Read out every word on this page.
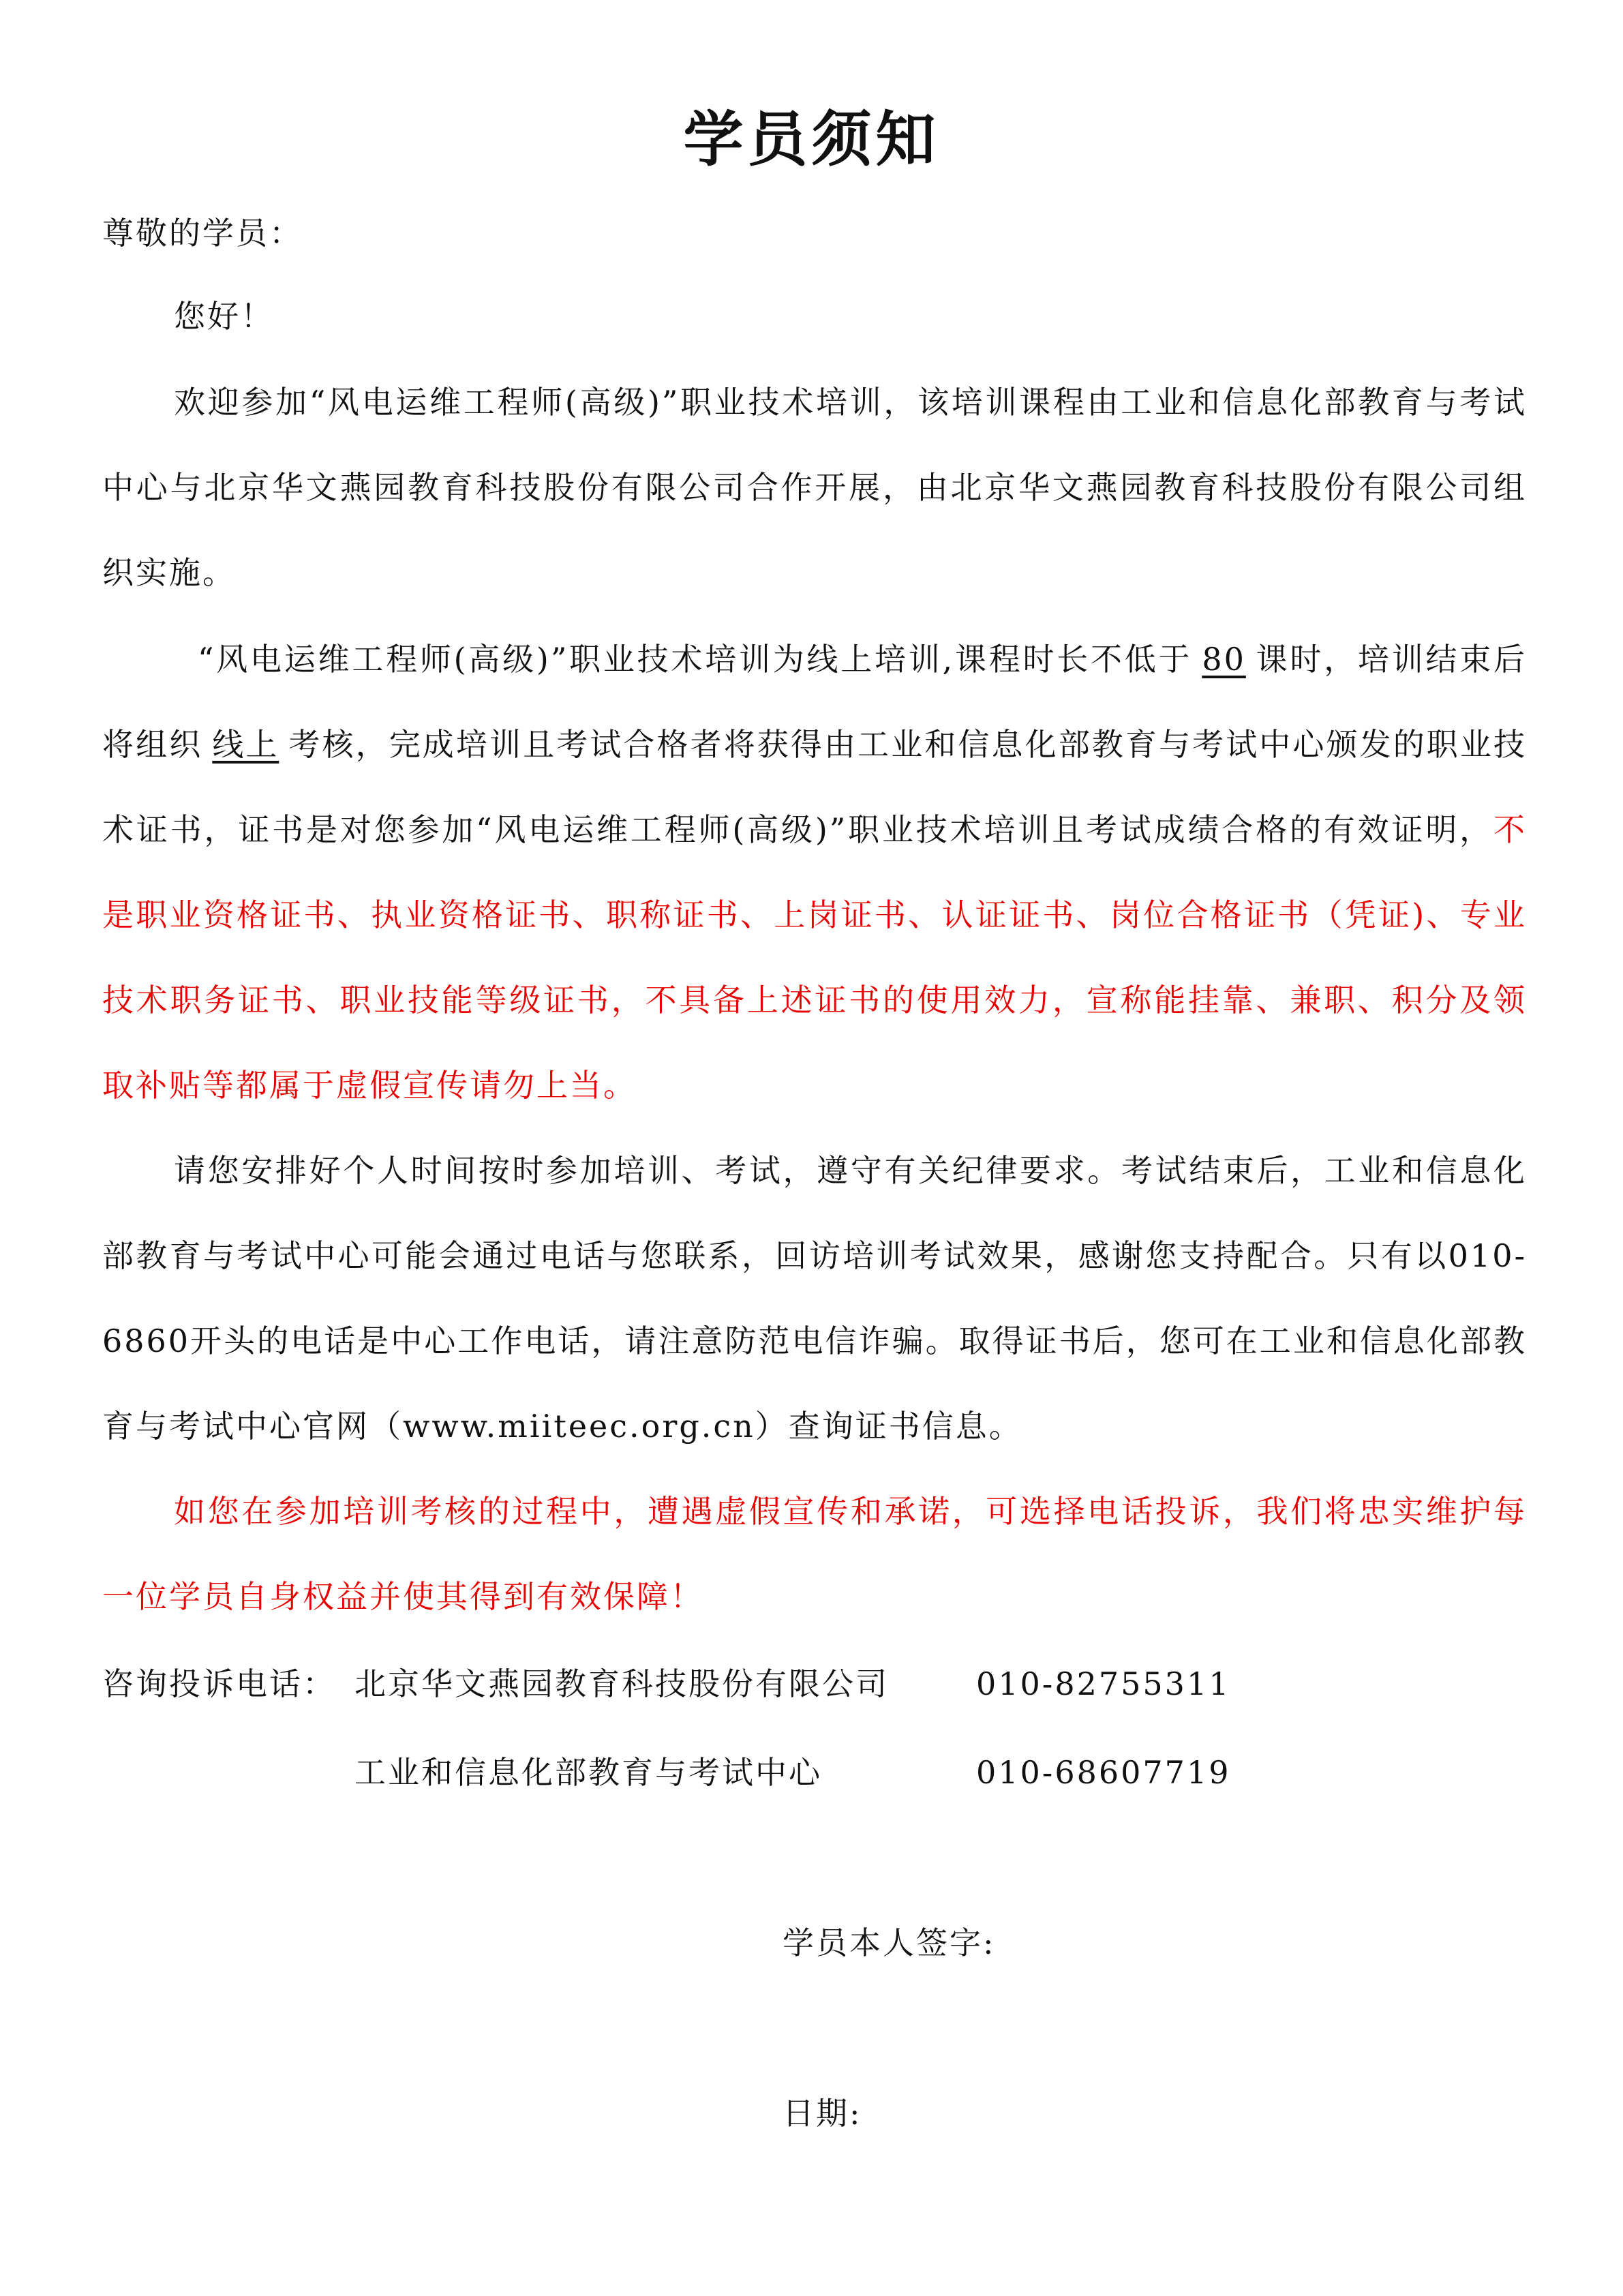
学员须知
尊敬的学员：
您好！
欢迎参加“风电运维工程师(高级)”职业技术培训，该培训课程由工业和信息化部教育与考试中心与北京华文燕园教育科技股份有限公司合作开展，由北京华文燕园教育科技股份有限公司组织实施。
“风电运维工程师(高级)”职业技术培训为线上培训,课程时长不低于 80 课时，培训结束后将组织 线上 考核，完成培训且考试合格者将获得由工业和信息化部教育与考试中心颁发的职业技术证书，证书是对您参加“风电运维工程师(高级)”职业技术培训且考试成绩合格的有效证明，不是职业资格证书、执业资格证书、职称证书、上岗证书、认证证书、岗位合格证书（凭证)、专业技术职务证书、职业技能等级证书，不具备上述证书的使用效力，宣称能挂靠、兼职、积分及领取补贴等都属于虚假宣传请勿上当。
请您安排好个人时间按时参加培训、考试，遵守有关纪律要求。考试结束后，工业和信息化部教育与考试中心可能会通过电话与您联系，回访培训考试效果，感谢您支持配合。只有以010-6860开头的电话是中心工作电话，请注意防范电信诈骗。取得证书后，您可在工业和信息化部教育与考试中心官网（www.miiteec.org.cn）查询证书信息。
如您在参加培训考核的过程中，遭遇虚假宣传和承诺，可选择电话投诉，我们将忠实维护每一位学员自身权益并使其得到有效保障！
咨询投诉电话： 北京华文燕园教育科技股份有限公司	010-82755311
工业和信息化部教育与考试中心	010-68607719
学员本人签字:
日期:
